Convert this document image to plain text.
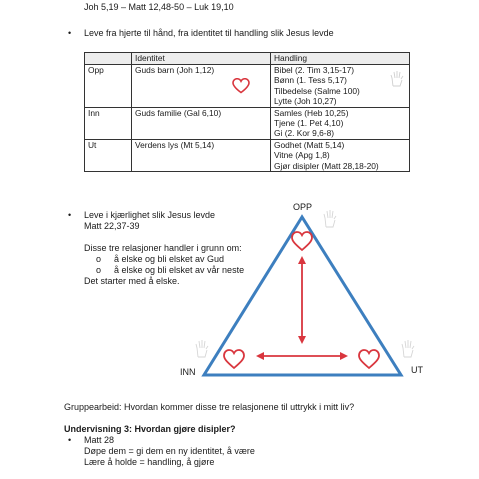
Joh 5,19 – Matt 12,48-50 – Luk 19,10
• Leve fra hjerte til hånd, fra identitet til handling slik Jesus levde
	Identitet	Handling
Opp	Guds barn (Joh 1,12)	Bibel (2. Tim 3,15-17)
Bønn (1. Tess 5,17)
Tilbedelse (Salme 100)
Lytte (Joh 10,27)

Inn	Guds familie (Gal 6,10)	Samles (Heb 10,25)
Tjene (1. Pet 4,10)
Gi (2. Kor 9,6-8)

Ut	Verdens lys (Mt 5,14)	Godhet (Matt 5,14)
Vitne (Apg 1,8)
Gjør disipler (Matt 28,18-20)
• Leve i kjærlighet slik Jesus levde
Matt 22,37-39
Disse tre relasjoner handler i grunn om:
o å elske og bli elsket av Gud
o å elske og bli elsket av vår neste
Det starter med å elske.
OPP
INN	UT
Gruppearbeid: Hvordan kommer disse tre relasjonene til uttrykk i mitt liv?
Undervisning 3: Hvordan gjøre disipler?
• Matt 28
Døpe dem = gi dem en ny identitet, å være
Lære å holde = handling, å gjøre
